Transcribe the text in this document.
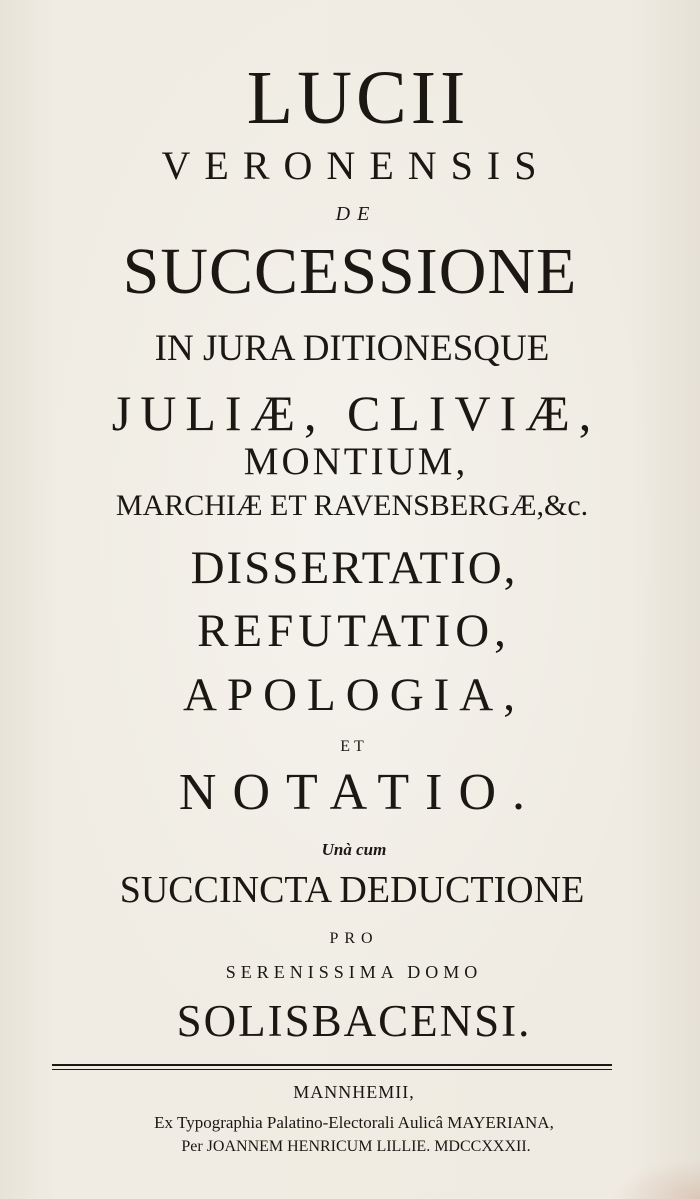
LUCII
VERONENSIS
DE
SUCCESSIONE
IN JURA DITIONESQUE
JULIÆ, CLIVIÆ,
MONTIUM,
MARCHIÆ ET RAVENSBERGÆ,&c.
DISSERTATIO,
REFUTATIO,
APOLOGIA,
ET
NOTATIO.
Unà cum
SUCCINCTA DEDUCTIONE
PRO
SERENISSIMA DOMO
SOLISBACENSI.
MANNHEMII,
Ex Typographia Palatino-Electorali Aulicâ MAYERIANA,
Per JOANNEM HENRICUM LILLIE. MDCCXXXII.
